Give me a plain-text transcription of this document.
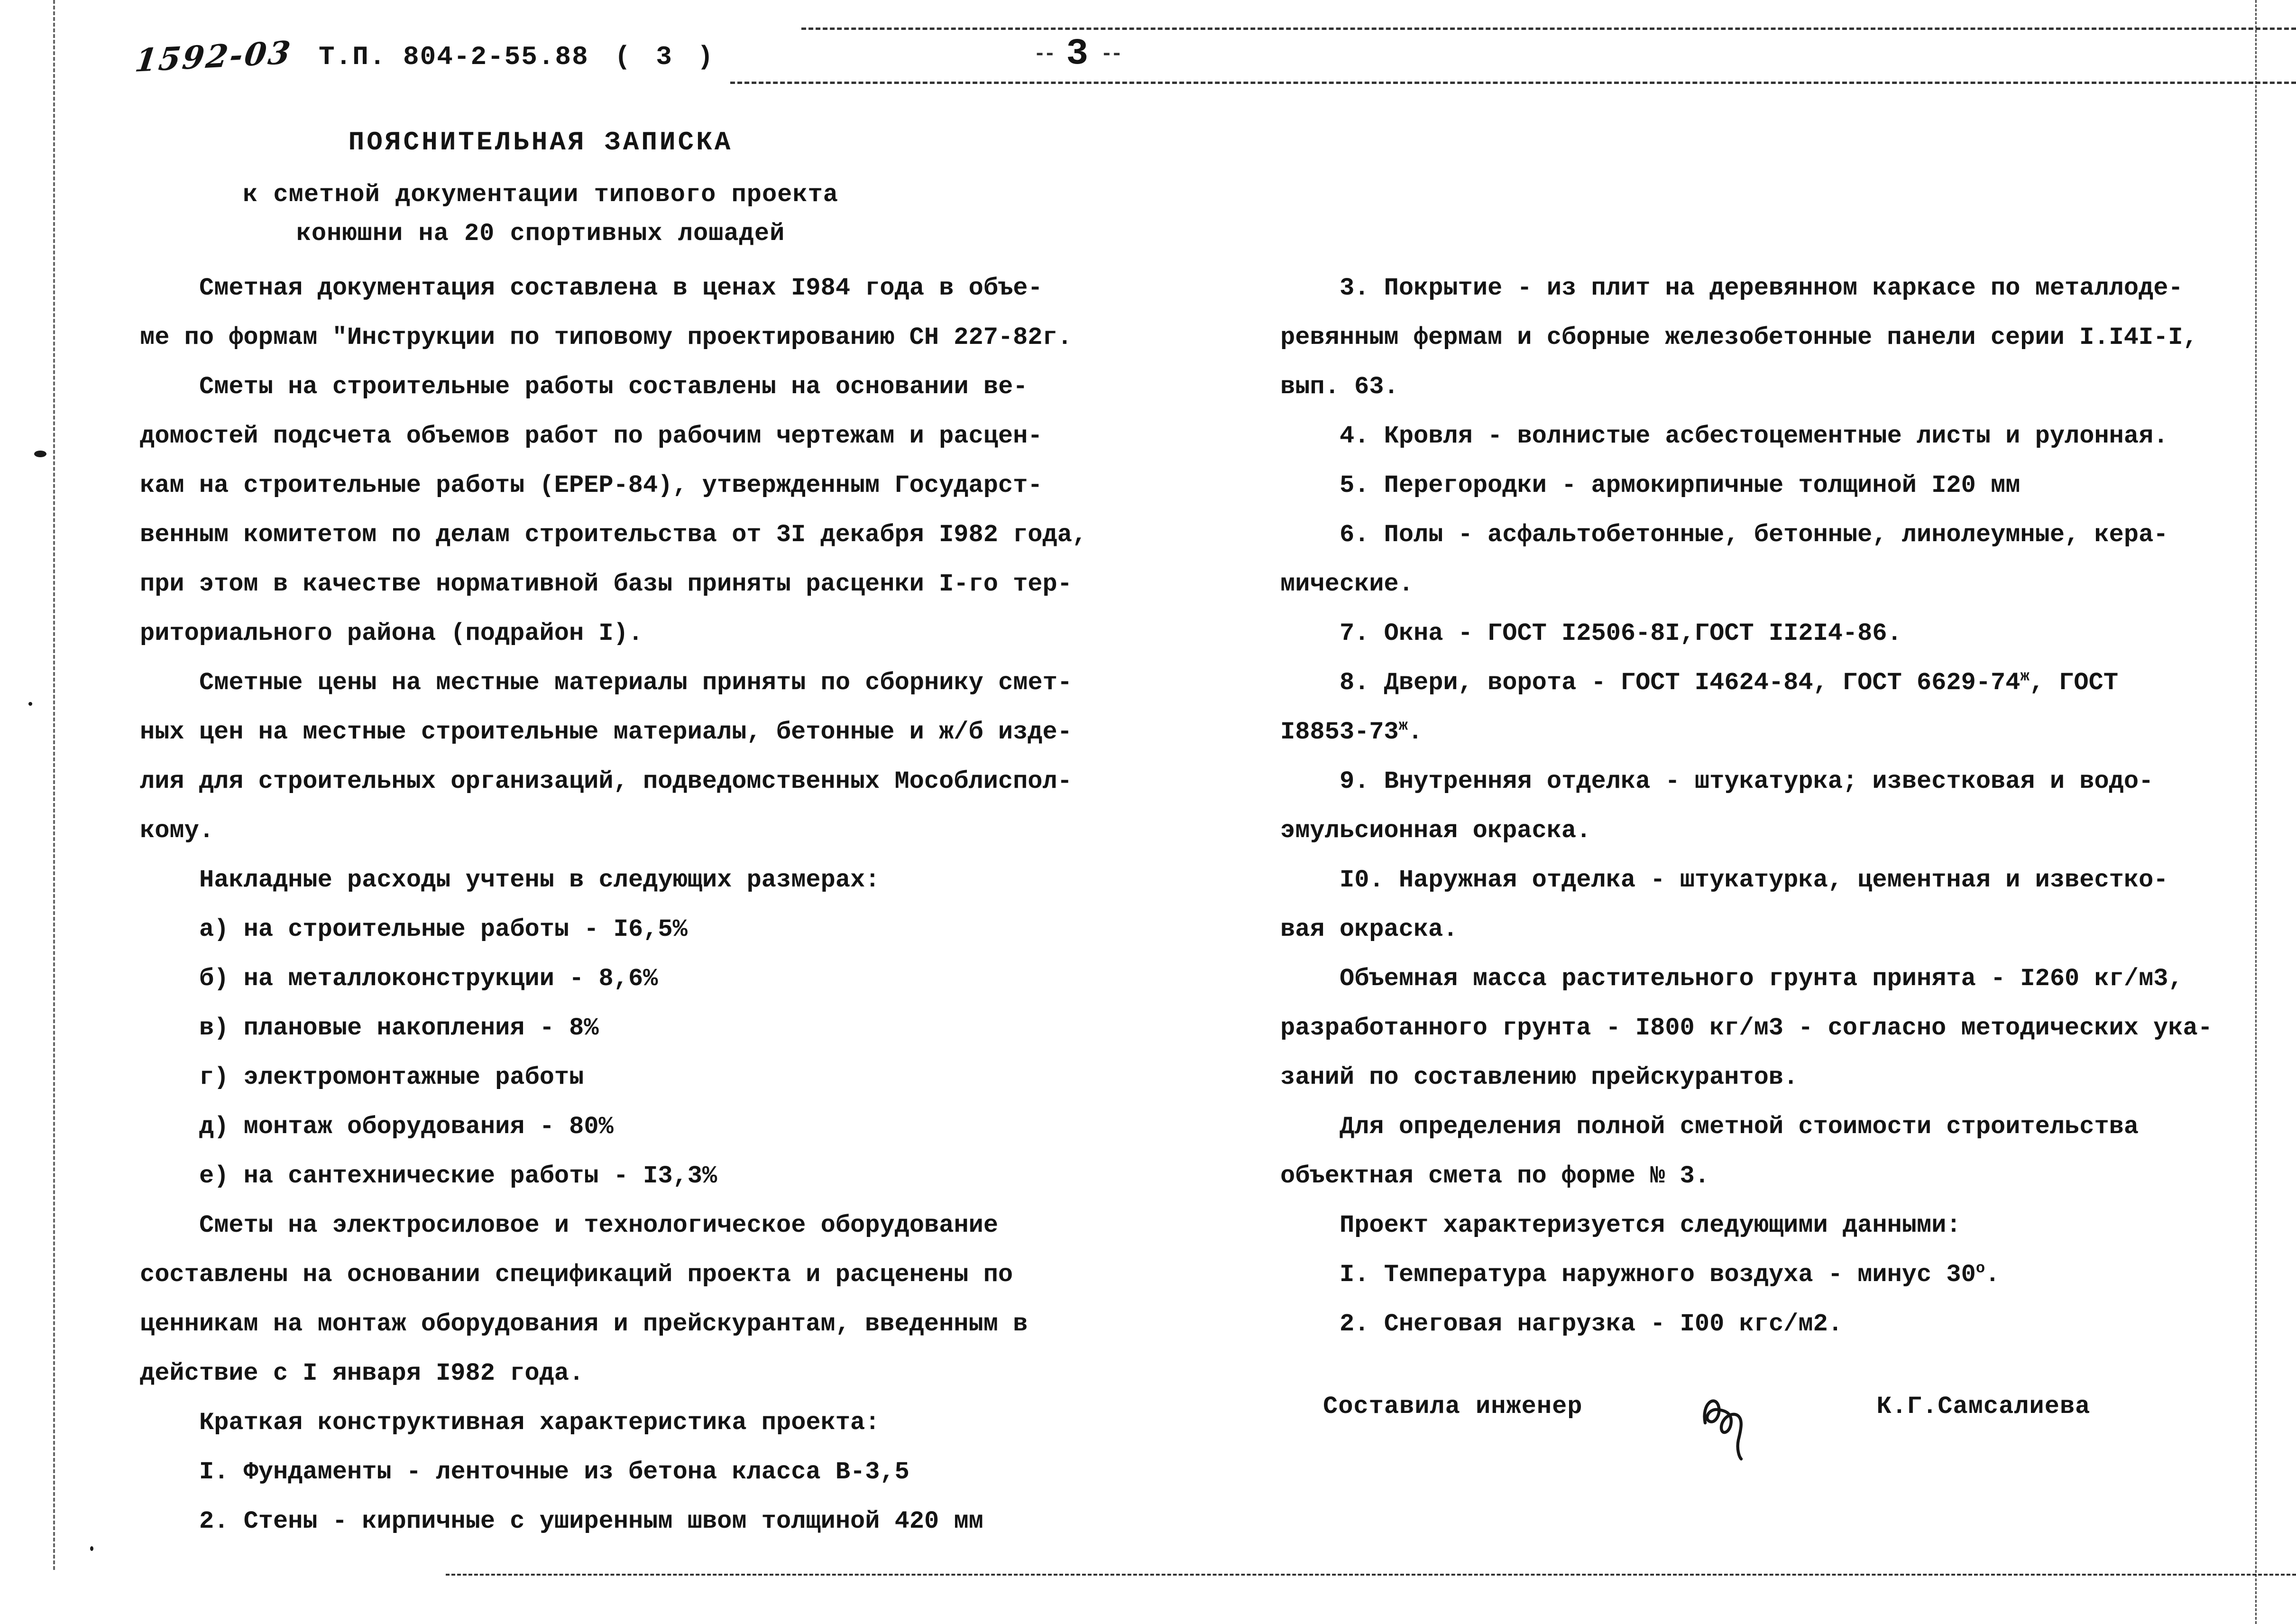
1592-03 Т.П. 804-2-55.88 ( 3 )	-- 3 --
ПОЯСНИТЕЛЬНАЯ ЗАПИСКА
к сметной документации типового проекта
конюшни на 20 спортивных лошадей
Сметная документация составлена в ценах I984 года в объе-
ме по формам "Инструкции по типовому проектированию СН 227-82г.
Сметы на строительные работы составлены на основании ве-
домостей подсчета объемов работ по рабочим чертежам и расцен-
кам на строительные работы (ЕРЕР-84), утвержденным Государст-
венным комитетом по делам строительства от 3I декабря I982 года,
при этом в качестве нормативной базы приняты расценки I-го тер-
риториального района (подрайон I).
Сметные цены на местные материалы приняты по сборнику смет-
ных цен на местные строительные материалы, бетонные и ж/б изде-
лия для строительных организаций, подведомственных Мособлиспол-
кому.
Накладные расходы учтены в следующих размерах:
а) на строительные работы - I6,5%
б) на металлоконструкции - 8,6%
в) плановые накопления - 8%
г) электромонтажные работы
д) монтаж оборудования - 80%
е) на сантехнические работы - I3,3%
Сметы на электросиловое и технологическое оборудование
составлены на основании спецификаций проекта и расценены по
ценникам на монтаж оборудования и прейскурантам, введенным в
действие с I января I982 года.
Краткая конструктивная характеристика проекта:
I. Фундаменты - ленточные из бетона класса В-3,5
2. Стены - кирпичные с уширенным швом толщиной 420 мм
3. Покрытие - из плит на деревянном каркасе по металлоде-
ревянным фермам и сборные железобетонные панели серии I.I4I-I,
вып. 63.
4. Кровля - волнистые асбестоцементные листы и рулонная.
5. Перегородки - армокирпичные толщиной I20 мм
6. Полы - асфальтобетонные, бетонные, линолеумные, кера-
мические.
7. Окна - ГОСТ I2506-8I,ГОСТ II2I4-86.
8. Двери, ворота - ГОСТ I4624-84, ГОСТ $6629-74^ж$, ГОСТ
$I8853-73^ж$.
9. Внутренняя отделка - штукатурка; известковая и водо-
эмульсионная окраска.
I0. Наружная отделка - штукатурка, цементная и известко-
вая окраска.
Объемная масса растительного грунта принята - I260 кг/м3,
разработанного грунта - I800 кг/м3 - согласно методических ука-
заний по составлению прейскурантов.
Для определения полной сметной стоимости строительства
объектная смета по форме № 3.
Проект характеризуется следующими данными:
I. Температура наружного воздуха - минус $30^о$.
2. Снеговая нагрузка - I00 кгс/м2.
Составила инженер	К.Г.Самсалиева
